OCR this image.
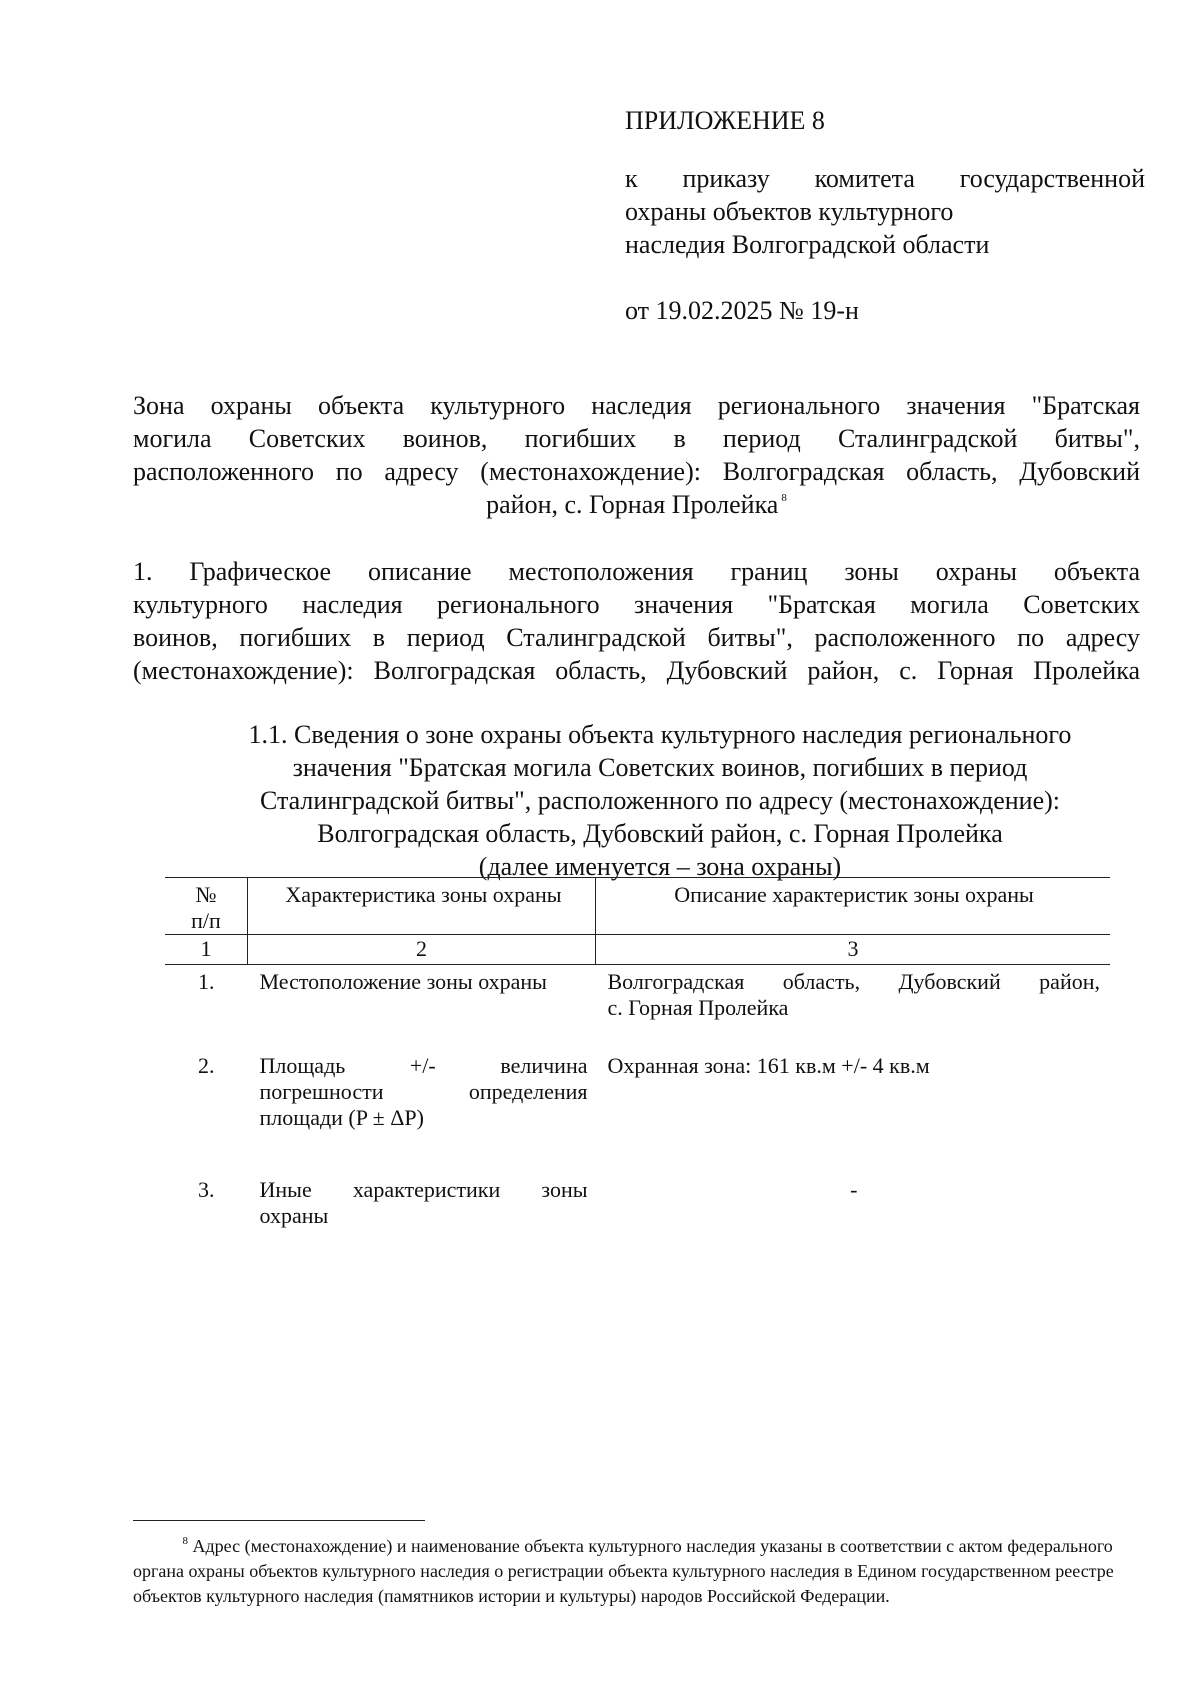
ПРИЛОЖЕНИЕ 8
к приказу комитета государственной
охраны объектов культурного
наследия Волгоградской области
от 19.02.2025 № 19-н
Зона охраны объекта культурного наследия регионального значения "Братская
могила Советских воинов, погибших в период Сталинградской битвы",
расположенного по адресу (местонахождение): Волгоградская область, Дубовский
район, с. Горная Пролейка $^8$
1. Графическое описание местоположения границ зоны охраны объекта
культурного наследия регионального значения "Братская могила Советских
воинов, погибших в период Сталинградской битвы", расположенного по адресу
(местонахождение): Волгоградская область, Дубовский район, с. Горная Пролейка
1.1. Сведения о зоне охраны объекта культурного наследия регионального
значения "Братская могила Советских воинов, погибших в период
Сталинградской битвы", расположенного по адресу (местонахождение):
Волгоградская область, Дубовский район, с. Горная Пролейка
(далее именуется – зона охраны)
№
п/п	Характеристика зоны охраны	Описание характеристик зоны охраны
1	2	3
1.	Местоположение зоны охраны	Волгоградская область, Дубовский район,
с. Горная Пролейка
2.	Площадь +/- величина
погрешности определения
площади (P ± ΔP)	Охранная зона: 161 кв.м +/- 4 кв.м
3.	Иные характеристики зоны
охраны	-
$^8$ Адрес (местонахождение) и наименование объекта культурного наследия указаны в соответствии с актом федерального органа охраны объектов культурного наследия о регистрации объекта культурного наследия в Едином государственном реестре объектов культурного наследия (памятников истории и культуры) народов Российской Федерации.
